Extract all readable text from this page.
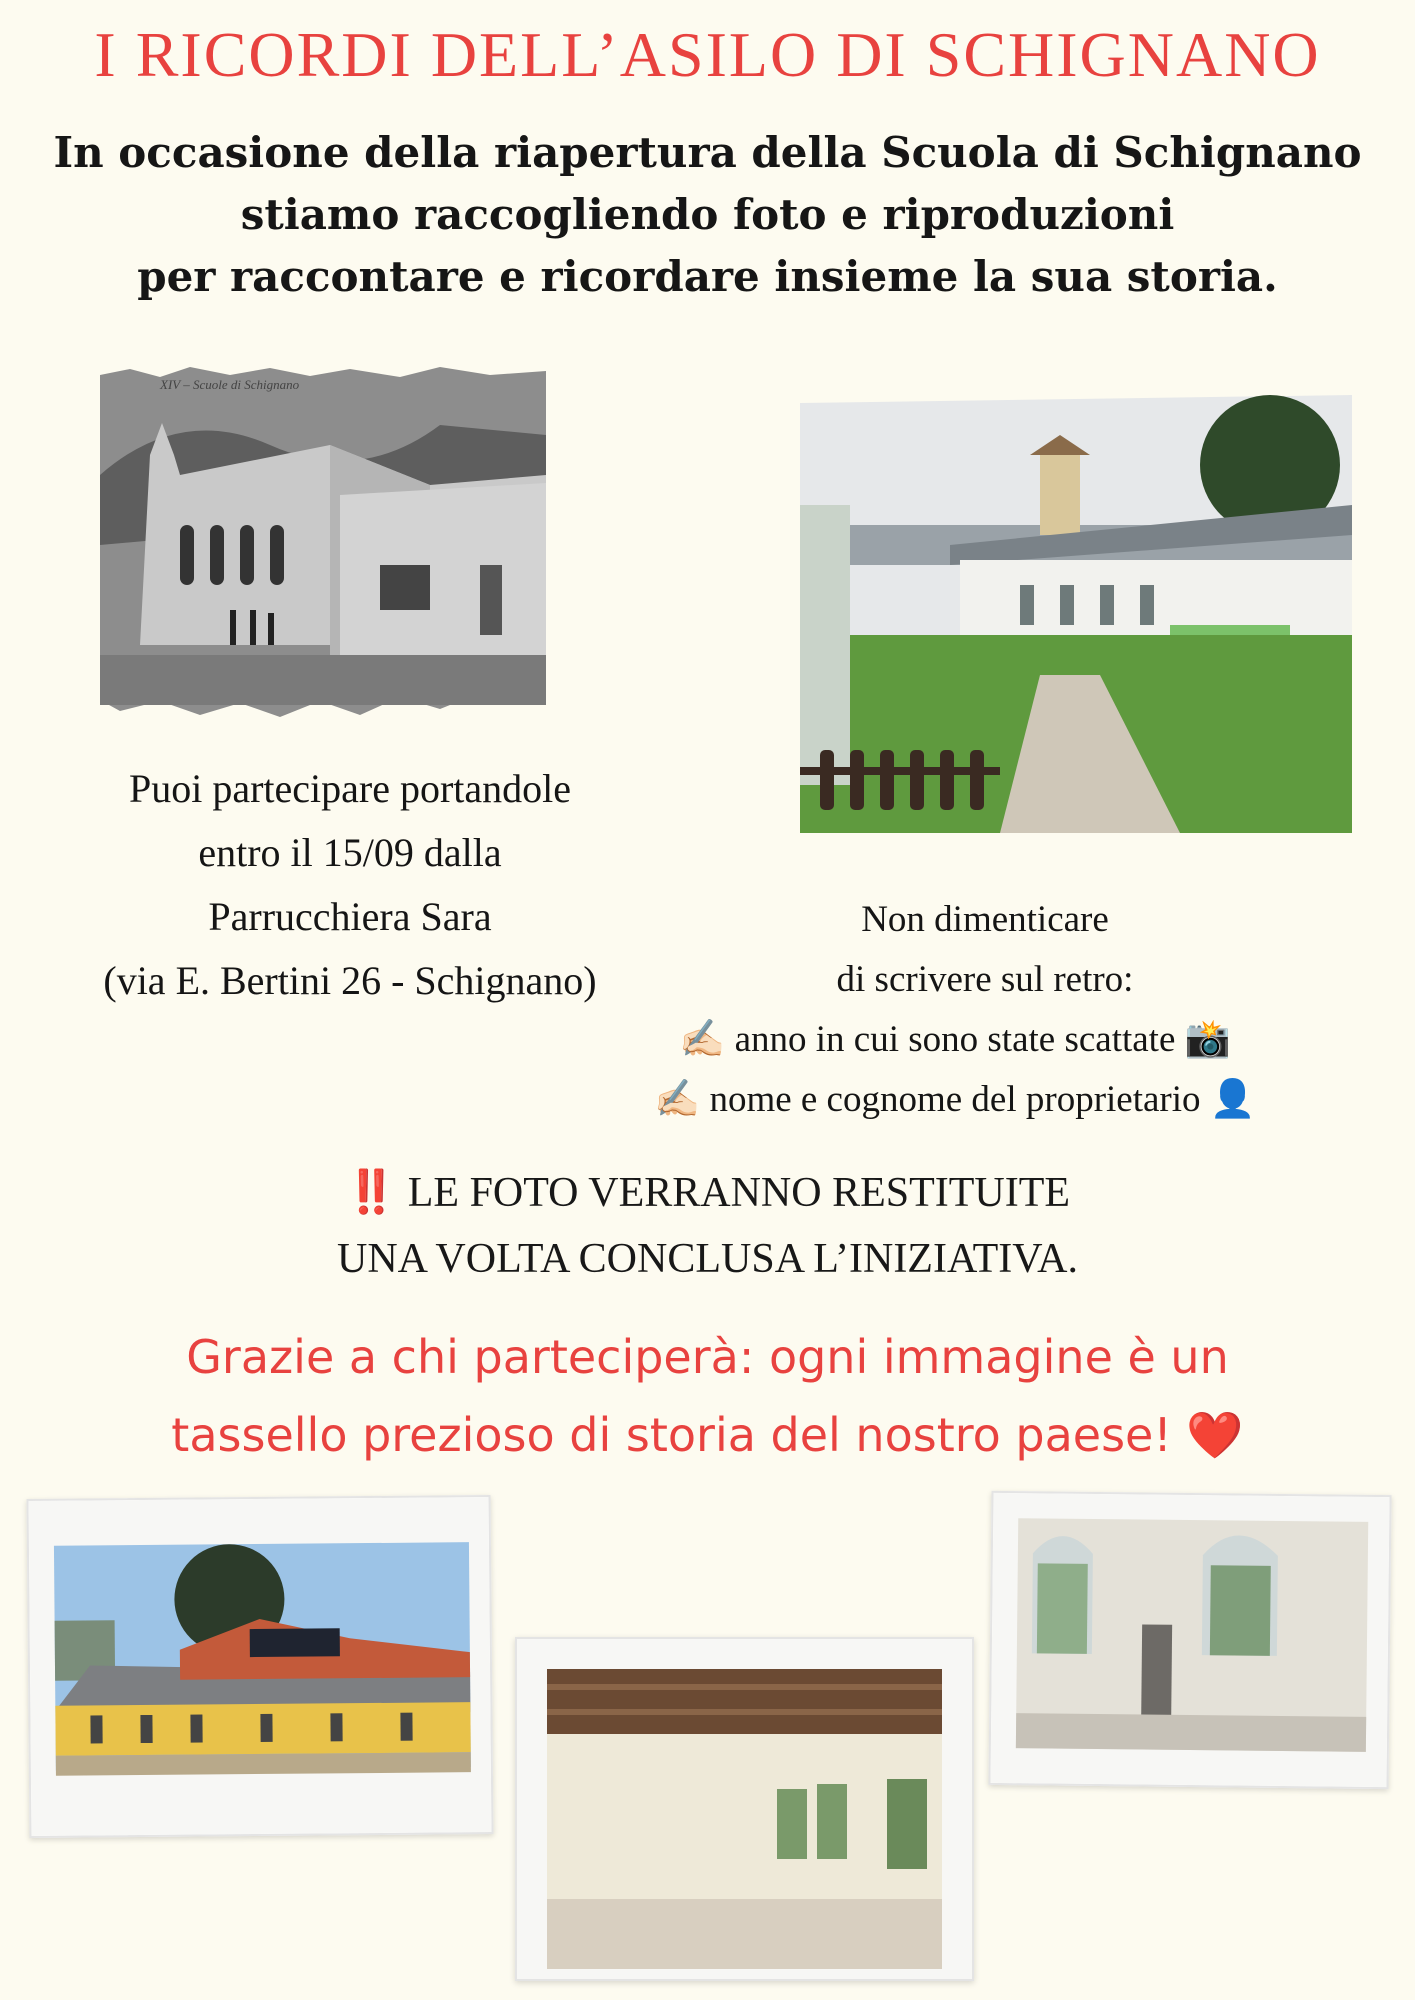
I RICORDI DELL’ASILO DI SCHIGNANO
In occasione della riapertura della Scuola di Schignano
stiamo raccogliendo foto e riproduzioni
per raccontare e ricordare insieme la sua storia.
XIV – Scuole di Schignano
Puoi partecipare portandole
entro il 15/09 dalla
Parrucchiera Sara
(via E. Bertini 26 - Schignano)
Non dimenticare
di scrivere sul retro:
✍🏻 anno in cui sono state scattate 📸
✍🏻 nome e cognome del proprietario 👤
‼️ LE FOTO VERRANNO RESTITUITE
UNA VOLTA CONCLUSA L’INIZIATIVA.
Grazie a chi parteciperà: ogni immagine è un
tassello prezioso di storia del nostro paese! ❤️
